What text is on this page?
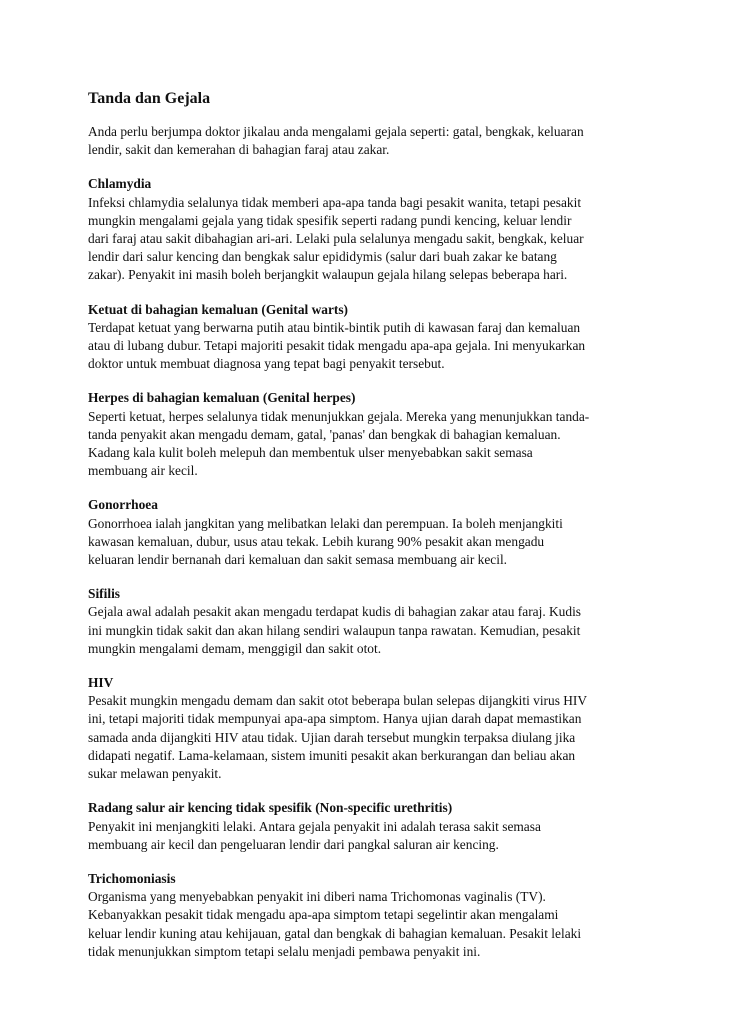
Tanda dan Gejala
Anda perlu berjumpa doktor jikalau anda mengalami gejala seperti: gatal, bengkak, keluaran
lendir, sakit dan kemerahan di bahagian faraj atau zakar.
Chlamydia
Infeksi chlamydia selalunya tidak memberi apa-apa tanda bagi pesakit wanita, tetapi pesakit
mungkin mengalami gejala yang tidak spesifik seperti radang pundi kencing, keluar lendir
dari faraj atau sakit dibahagian ari-ari. Lelaki pula selalunya mengadu sakit, bengkak, keluar
lendir dari salur kencing dan bengkak salur epididymis (salur dari buah zakar ke batang
zakar). Penyakit ini masih boleh berjangkit walaupun gejala hilang selepas beberapa hari.
Ketuat di bahagian kemaluan (Genital warts)
Terdapat ketuat yang berwarna putih atau bintik-bintik putih di kawasan faraj dan kemaluan
atau di lubang dubur. Tetapi majoriti pesakit tidak mengadu apa-apa gejala. Ini menyukarkan
doktor untuk membuat diagnosa yang tepat bagi penyakit tersebut.
Herpes di bahagian kemaluan (Genital herpes)
Seperti ketuat, herpes selalunya tidak menunjukkan gejala. Mereka yang menunjukkan tanda-
tanda penyakit akan mengadu demam, gatal, 'panas' dan bengkak di bahagian kemaluan.
Kadang kala kulit boleh melepuh dan membentuk ulser menyebabkan sakit semasa
membuang air kecil.
Gonorrhoea
Gonorrhoea ialah jangkitan yang melibatkan lelaki dan perempuan. Ia boleh menjangkiti
kawasan kemaluan, dubur, usus atau tekak. Lebih kurang 90% pesakit akan mengadu
keluaran lendir bernanah dari kemaluan dan sakit semasa membuang air kecil.
Sifilis
Gejala awal adalah pesakit akan mengadu terdapat kudis di bahagian zakar atau faraj. Kudis
ini mungkin tidak sakit dan akan hilang sendiri walaupun tanpa rawatan. Kemudian, pesakit
mungkin mengalami demam, menggigil dan sakit otot.
HIV
Pesakit mungkin mengadu demam dan sakit otot beberapa bulan selepas dijangkiti virus HIV
ini, tetapi majoriti tidak mempunyai apa-apa simptom. Hanya ujian darah dapat memastikan
samada anda dijangkiti HIV atau tidak. Ujian darah tersebut mungkin terpaksa diulang jika
didapati negatif. Lama-kelamaan, sistem imuniti pesakit akan berkurangan dan beliau akan
sukar melawan penyakit.
Radang salur air kencing tidak spesifik (Non-specific urethritis)
Penyakit ini menjangkiti lelaki. Antara gejala penyakit ini adalah terasa sakit semasa
membuang air kecil dan pengeluaran lendir dari pangkal saluran air kencing.
Trichomoniasis
Organisma yang menyebabkan penyakit ini diberi nama Trichomonas vaginalis (TV).
Kebanyakkan pesakit tidak mengadu apa-apa simptom tetapi segelintir akan mengalami
keluar lendir kuning atau kehijauan, gatal dan bengkak di bahagian kemaluan. Pesakit lelaki
tidak menunjukkan simptom tetapi selalu menjadi pembawa penyakit ini.
